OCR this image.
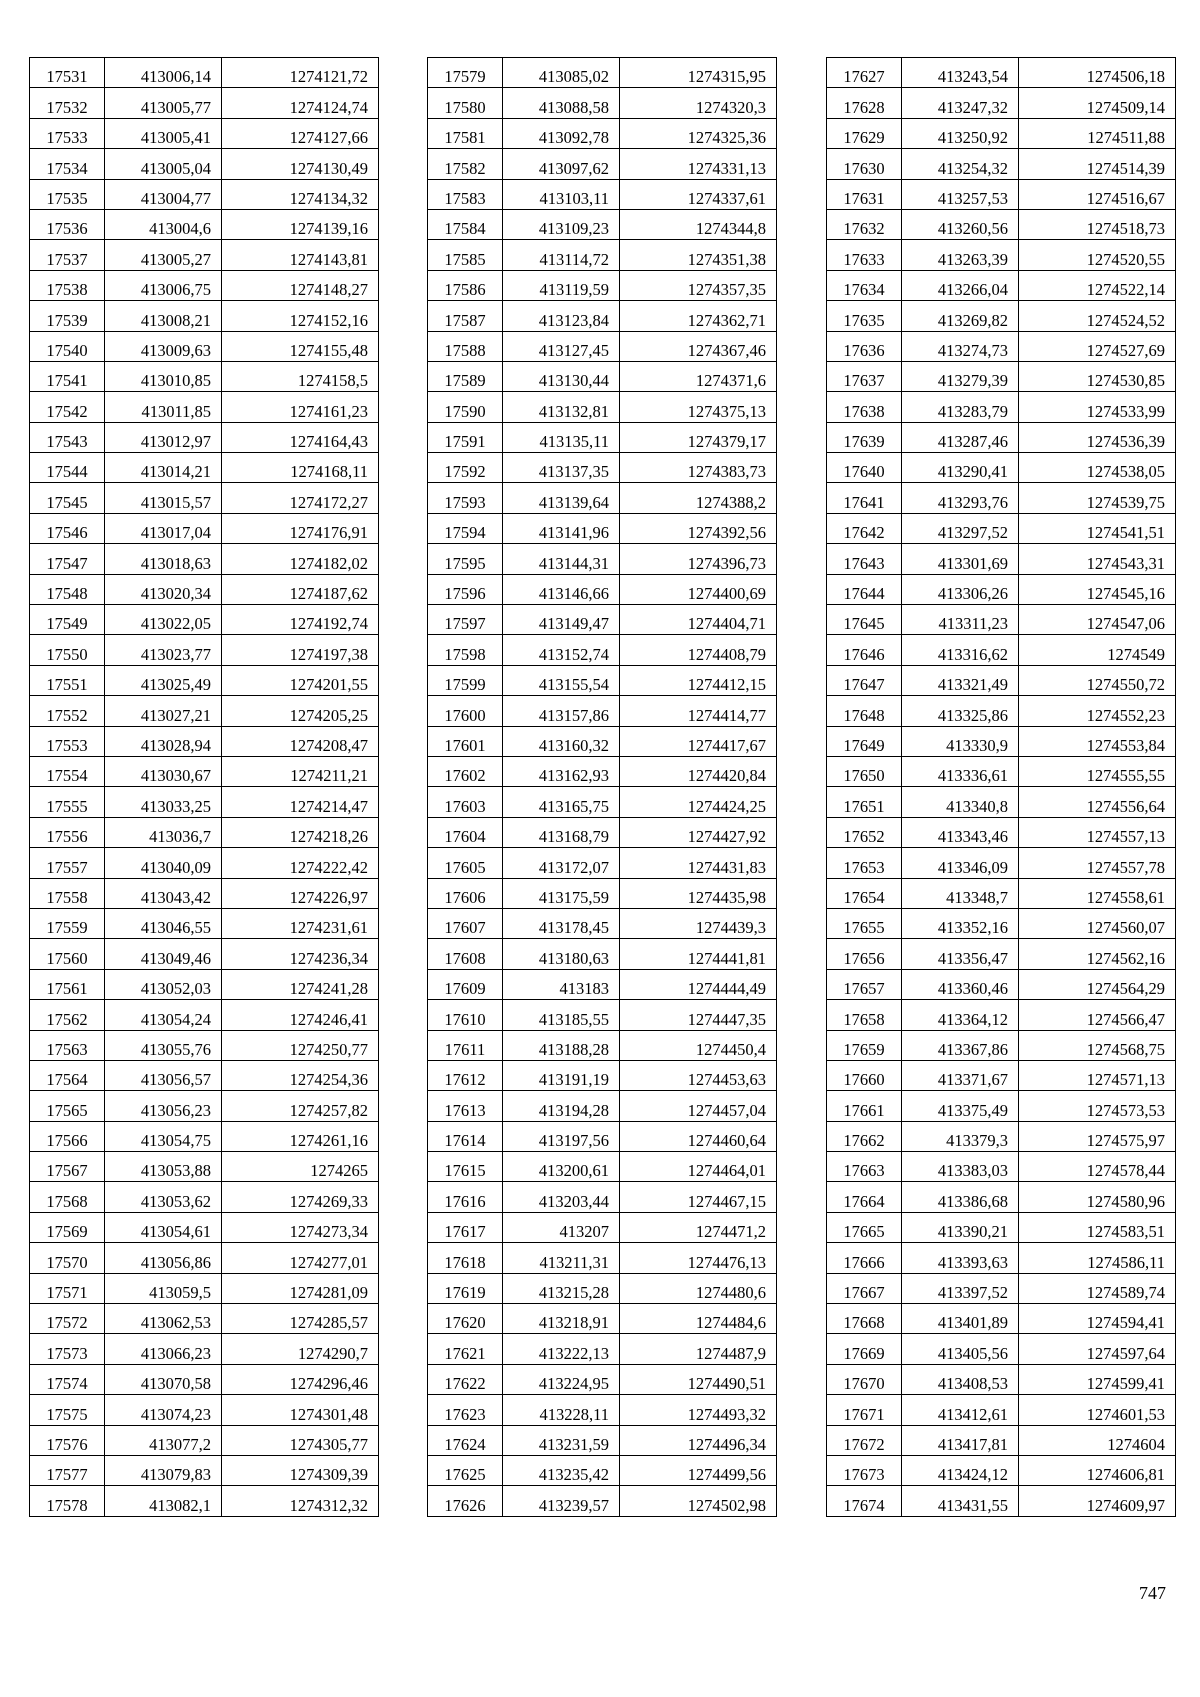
17531	413006,14	1274121,72
17532	413005,77	1274124,74
17533	413005,41	1274127,66
17534	413005,04	1274130,49
17535	413004,77	1274134,32
17536	413004,6	1274139,16
17537	413005,27	1274143,81
17538	413006,75	1274148,27
17539	413008,21	1274152,16
17540	413009,63	1274155,48
17541	413010,85	1274158,5
17542	413011,85	1274161,23
17543	413012,97	1274164,43
17544	413014,21	1274168,11
17545	413015,57	1274172,27
17546	413017,04	1274176,91
17547	413018,63	1274182,02
17548	413020,34	1274187,62
17549	413022,05	1274192,74
17550	413023,77	1274197,38
17551	413025,49	1274201,55
17552	413027,21	1274205,25
17553	413028,94	1274208,47
17554	413030,67	1274211,21
17555	413033,25	1274214,47
17556	413036,7	1274218,26
17557	413040,09	1274222,42
17558	413043,42	1274226,97
17559	413046,55	1274231,61
17560	413049,46	1274236,34
17561	413052,03	1274241,28
17562	413054,24	1274246,41
17563	413055,76	1274250,77
17564	413056,57	1274254,36
17565	413056,23	1274257,82
17566	413054,75	1274261,16
17567	413053,88	1274265
17568	413053,62	1274269,33
17569	413054,61	1274273,34
17570	413056,86	1274277,01
17571	413059,5	1274281,09
17572	413062,53	1274285,57
17573	413066,23	1274290,7
17574	413070,58	1274296,46
17575	413074,23	1274301,48
17576	413077,2	1274305,77
17577	413079,83	1274309,39
17578	413082,1	1274312,32
17579	413085,02	1274315,95
17580	413088,58	1274320,3
17581	413092,78	1274325,36
17582	413097,62	1274331,13
17583	413103,11	1274337,61
17584	413109,23	1274344,8
17585	413114,72	1274351,38
17586	413119,59	1274357,35
17587	413123,84	1274362,71
17588	413127,45	1274367,46
17589	413130,44	1274371,6
17590	413132,81	1274375,13
17591	413135,11	1274379,17
17592	413137,35	1274383,73
17593	413139,64	1274388,2
17594	413141,96	1274392,56
17595	413144,31	1274396,73
17596	413146,66	1274400,69
17597	413149,47	1274404,71
17598	413152,74	1274408,79
17599	413155,54	1274412,15
17600	413157,86	1274414,77
17601	413160,32	1274417,67
17602	413162,93	1274420,84
17603	413165,75	1274424,25
17604	413168,79	1274427,92
17605	413172,07	1274431,83
17606	413175,59	1274435,98
17607	413178,45	1274439,3
17608	413180,63	1274441,81
17609	413183	1274444,49
17610	413185,55	1274447,35
17611	413188,28	1274450,4
17612	413191,19	1274453,63
17613	413194,28	1274457,04
17614	413197,56	1274460,64
17615	413200,61	1274464,01
17616	413203,44	1274467,15
17617	413207	1274471,2
17618	413211,31	1274476,13
17619	413215,28	1274480,6
17620	413218,91	1274484,6
17621	413222,13	1274487,9
17622	413224,95	1274490,51
17623	413228,11	1274493,32
17624	413231,59	1274496,34
17625	413235,42	1274499,56
17626	413239,57	1274502,98
17627	413243,54	1274506,18
17628	413247,32	1274509,14
17629	413250,92	1274511,88
17630	413254,32	1274514,39
17631	413257,53	1274516,67
17632	413260,56	1274518,73
17633	413263,39	1274520,55
17634	413266,04	1274522,14
17635	413269,82	1274524,52
17636	413274,73	1274527,69
17637	413279,39	1274530,85
17638	413283,79	1274533,99
17639	413287,46	1274536,39
17640	413290,41	1274538,05
17641	413293,76	1274539,75
17642	413297,52	1274541,51
17643	413301,69	1274543,31
17644	413306,26	1274545,16
17645	413311,23	1274547,06
17646	413316,62	1274549
17647	413321,49	1274550,72
17648	413325,86	1274552,23
17649	413330,9	1274553,84
17650	413336,61	1274555,55
17651	413340,8	1274556,64
17652	413343,46	1274557,13
17653	413346,09	1274557,78
17654	413348,7	1274558,61
17655	413352,16	1274560,07
17656	413356,47	1274562,16
17657	413360,46	1274564,29
17658	413364,12	1274566,47
17659	413367,86	1274568,75
17660	413371,67	1274571,13
17661	413375,49	1274573,53
17662	413379,3	1274575,97
17663	413383,03	1274578,44
17664	413386,68	1274580,96
17665	413390,21	1274583,51
17666	413393,63	1274586,11
17667	413397,52	1274589,74
17668	413401,89	1274594,41
17669	413405,56	1274597,64
17670	413408,53	1274599,41
17671	413412,61	1274601,53
17672	413417,81	1274604
17673	413424,12	1274606,81
17674	413431,55	1274609,97
747
